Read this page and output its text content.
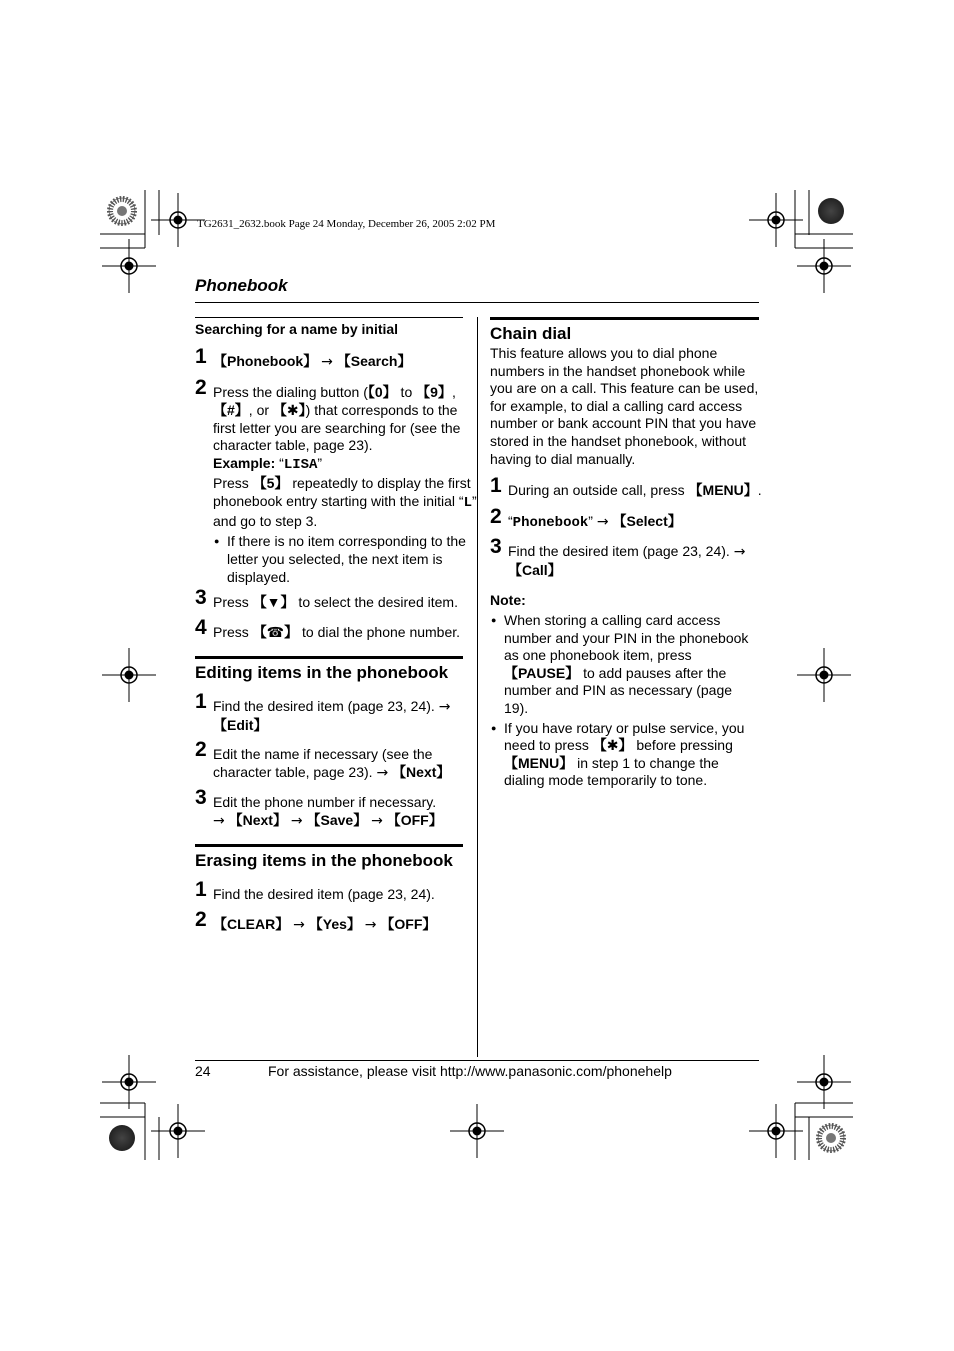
TG2631_2632.book Page 24 Monday, December 26, 2005 2:02 PM
Phonebook
Searching for a name by initial
1 【Phonebook】 → 【Search】
2 Press the dialing button (【0】 to 【9】, 【#】, or 【✱】) that corresponds to the first letter you are searching for (see the character table, page 23).
Example: “LISA”
Press 【5】 repeatedly to display the first phonebook entry starting with the initial “L” and go to step 3.
● If there is no item corresponding to the letter you selected, the next item is displayed.
3 Press 【▼】 to select the desired item.
4 Press 【☎】 to dial the phone number.
Editing items in the phonebook
1 Find the desired item (page 23, 24). →
【Edit】
2 Edit the name if necessary (see the character table, page 23). → 【Next】
3 Edit the phone number if necessary.
→ 【Next】 → 【Save】 → 【OFF】
Erasing items in the phonebook
1 Find the desired item (page 23, 24).
2 【CLEAR】 → 【Yes】 → 【OFF】
Chain dial
This feature allows you to dial phone numbers in the handset phonebook while you are on a call. This feature can be used, for example, to dial a calling card access number or bank account PIN that you have stored in the handset phonebook, without having to dial manually.
1 During an outside call, press 【MENU】.
2 “Phonebook” → 【Select】
3 Find the desired item (page 23, 24). →
【Call】
Note:
● When storing a calling card access number and your PIN in the phonebook as one phonebook item, press 【PAUSE】 to add pauses after the number and PIN as necessary (page 19).
● If you have rotary or pulse service, you need to press 【✱】 before pressing 【MENU】 in step 1 to change the dialing mode temporarily to tone.
24	For assistance, please visit http://www.panasonic.com/phonehelp
